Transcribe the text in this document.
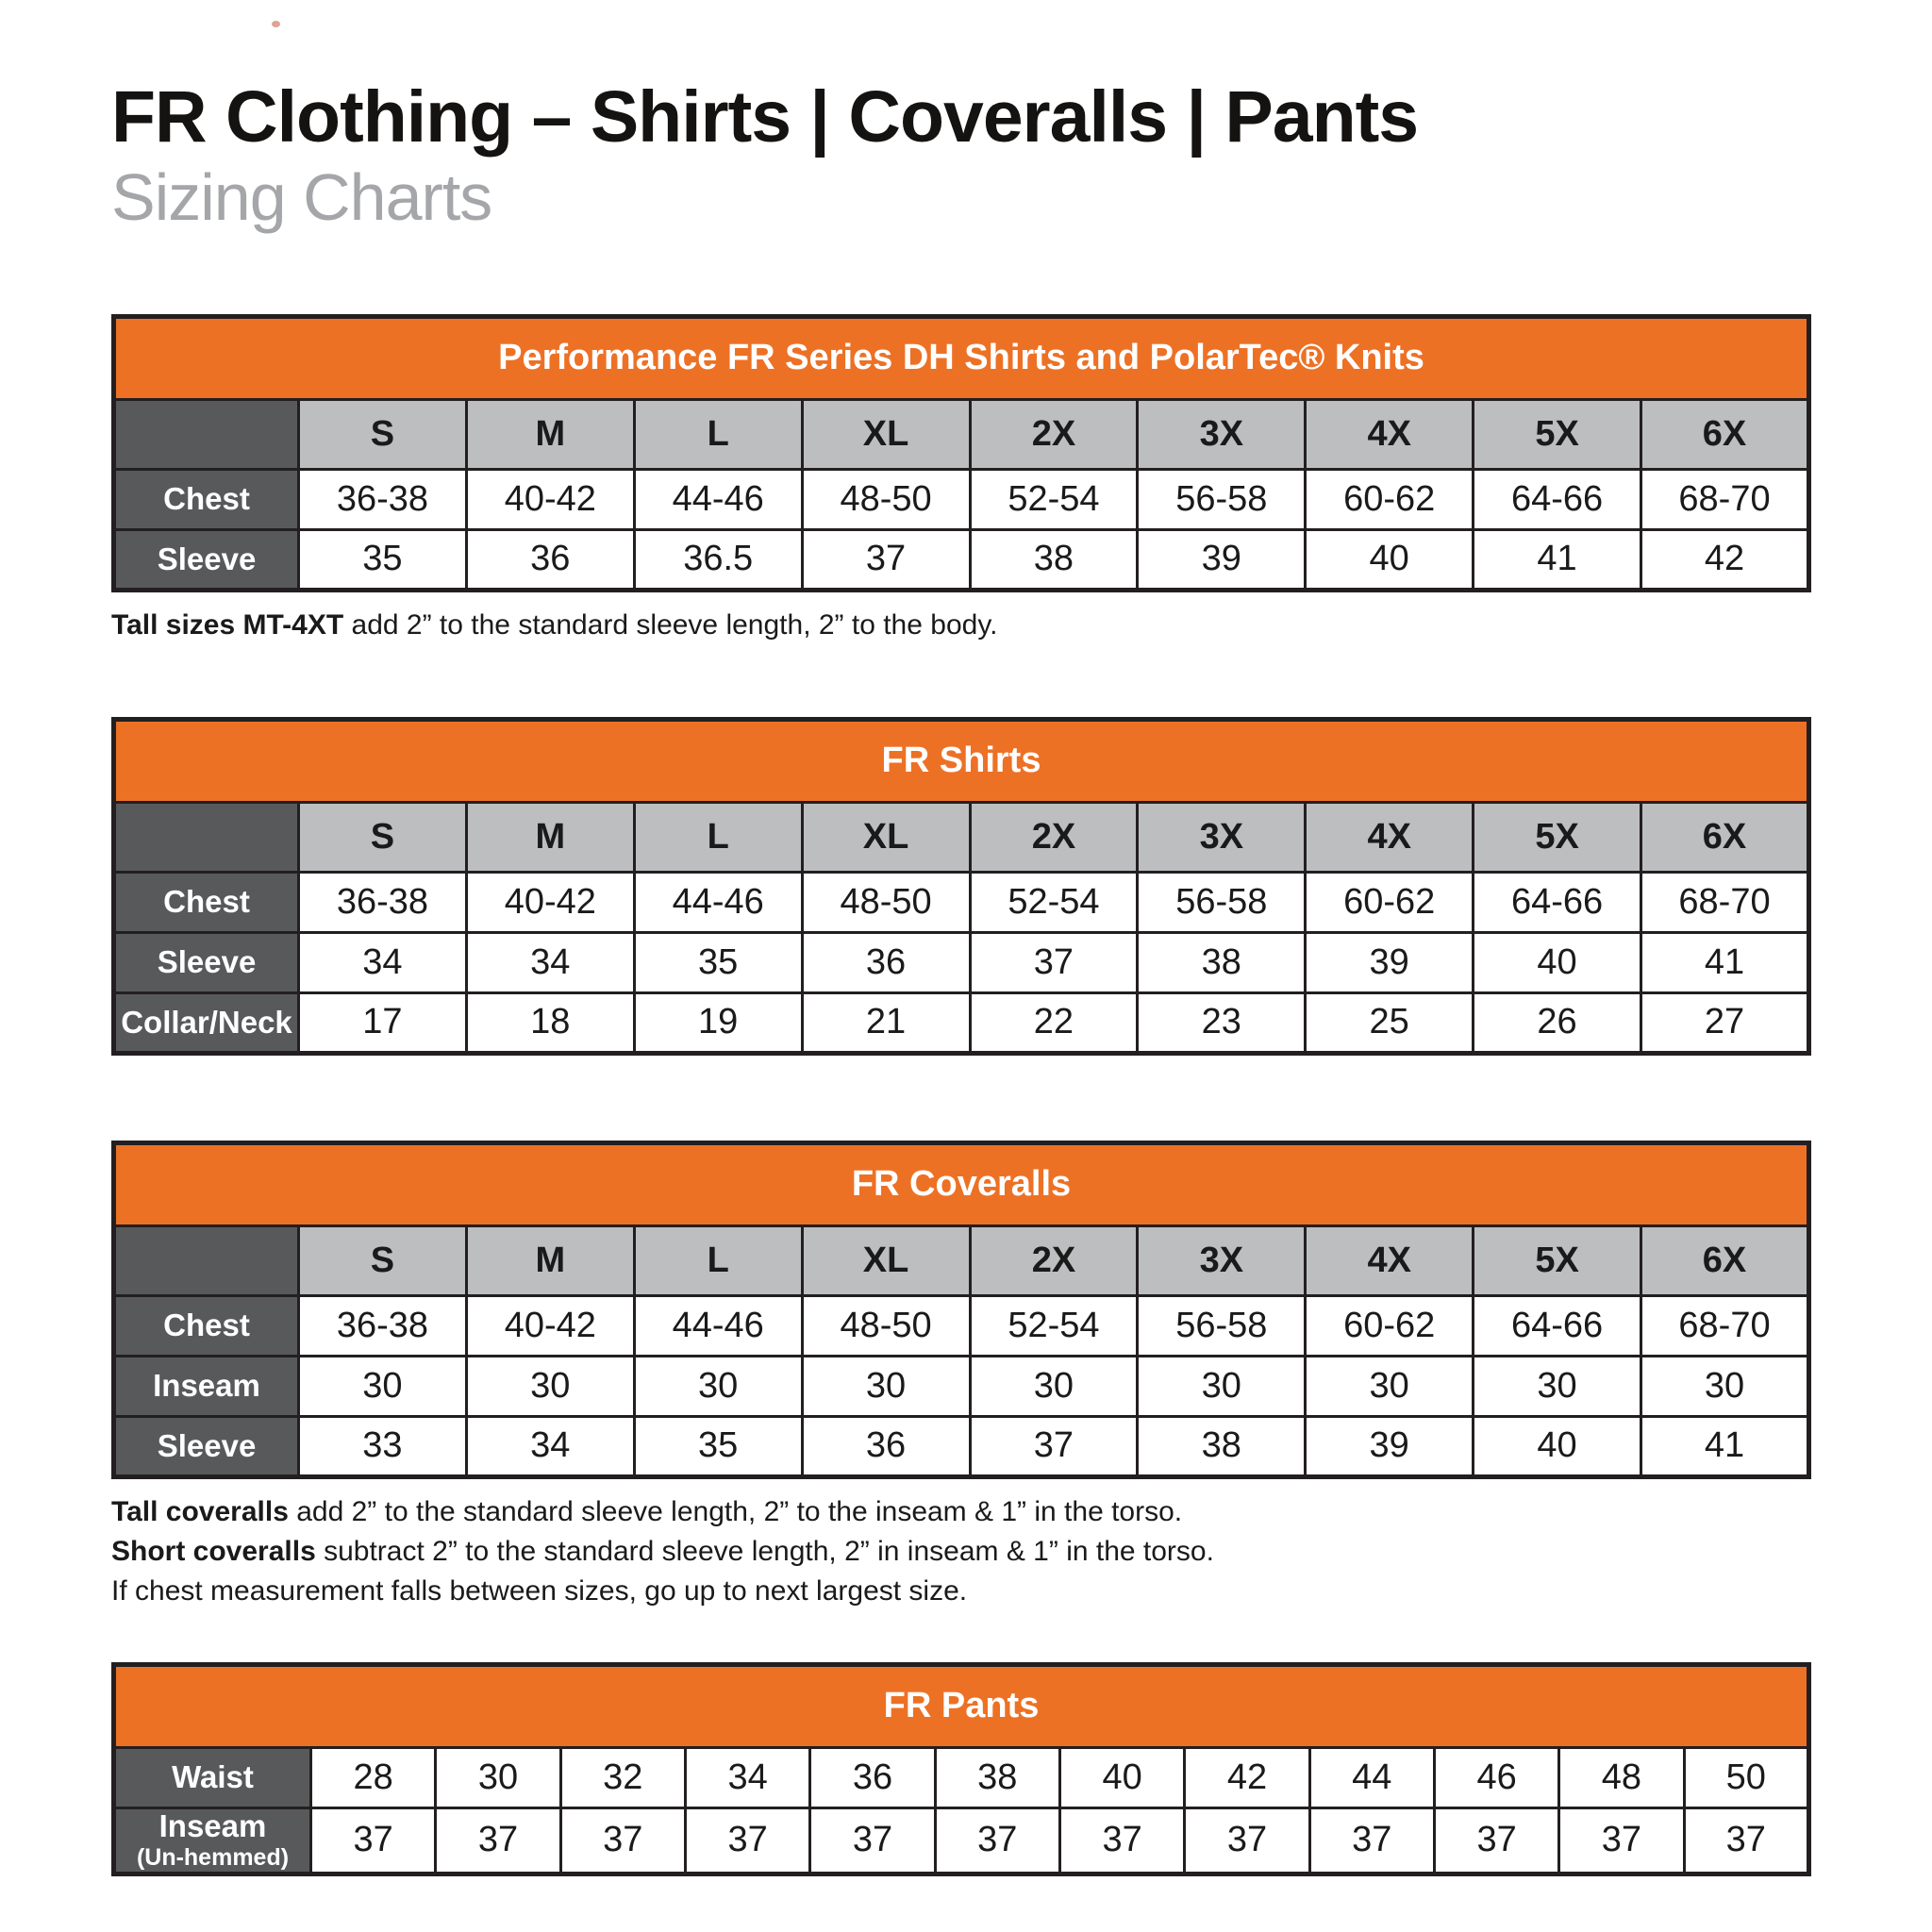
FR Clothing – Shirts | Coveralls | Pants
Sizing Charts
Performance FR Series DH Shirts and PolarTec® Knits									
	S	M	L	XL	2X	3X	4X	5X	6X

Chest	36-38	40-42	44-46	48-50	52-54	56-58	60-62	64-66	68-70

Sleeve	35	36	36.5	37	38	39	40	41	42
Tall sizes MT-4XT add 2” to the standard sleeve length, 2” to the body.
FR Shirts									
	S	M	L	XL	2X	3X	4X	5X	6X

Chest	36-38	40-42	44-46	48-50	52-54	56-58	60-62	64-66	68-70

Sleeve	34	34	35	36	37	38	39	40	41

Collar/Neck	17	18	19	21	22	23	25	26	27
FR Coveralls									
	S	M	L	XL	2X	3X	4X	5X	6X

Chest	36-38	40-42	44-46	48-50	52-54	56-58	60-62	64-66	68-70

Inseam	30	30	30	30	30	30	30	30	30

Sleeve	33	34	35	36	37	38	39	40	41
Tall coveralls add 2” to the standard sleeve length, 2” to the inseam & 1” in the torso.
Short coveralls subtract 2” to the standard sleeve length, 2” in inseam & 1” in the torso.
If chest measurement falls between sizes, go up to next largest size.
FR Pants												

Waist	28	30	32	34	36	38	40	42	44	46	48	50

Inseam
(Un-hemmed)	37	37	37	37	37	37	37	37	37	37	37	37
